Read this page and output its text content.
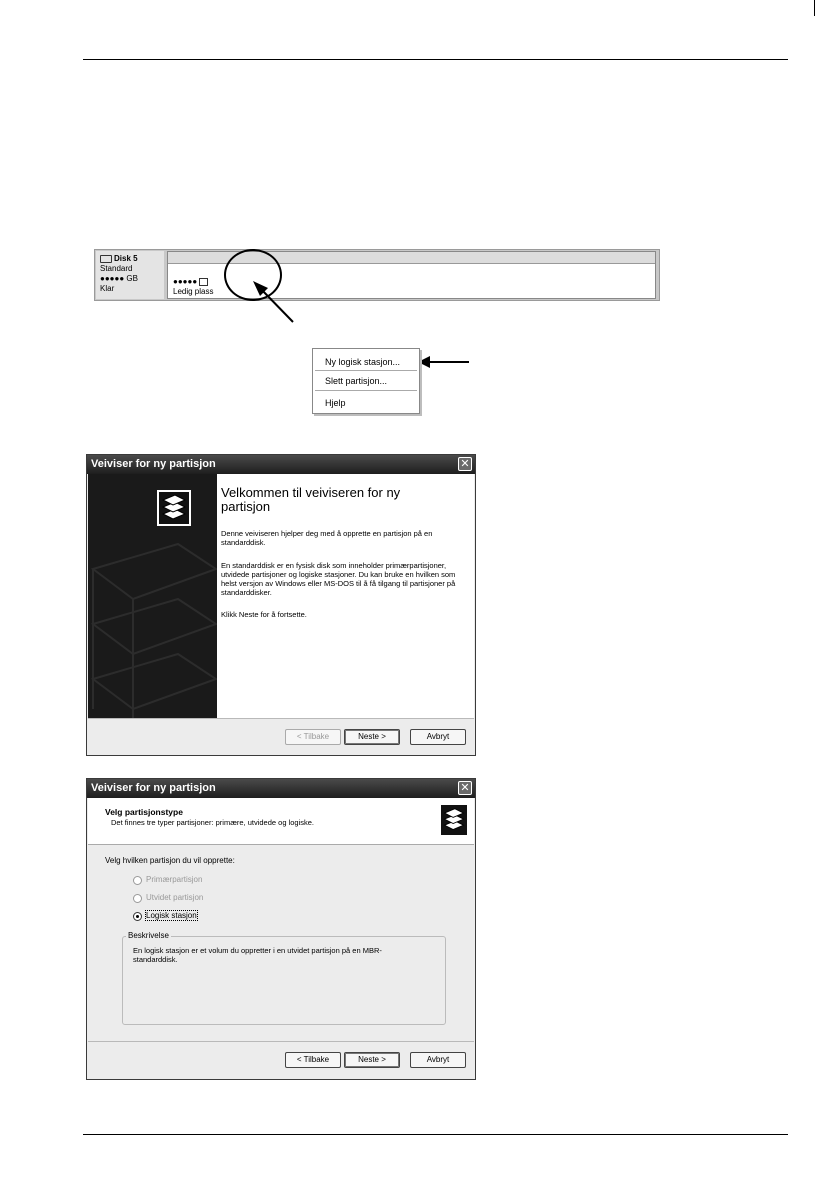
Disk 5
Standard
●●●●● GB
Klar
●●●●●
Ledig plass
Ny logisk stasjon...
Slett partisjon...
Hjelp
Veiviser for ny partisjon	✕
Velkommen til veiviseren for ny partisjon
Denne veiviseren hjelper deg med å opprette en partisjon på en standarddisk.
En standarddisk er en fysisk disk som inneholder primærpartisjoner, utvidede partisjoner og logiske stasjoner. Du kan bruke en hvilken som helst versjon av Windows eller MS-DOS til å få tilgang til partisjoner på standarddisker.
Klikk Neste for å fortsette.
< Tilbake	Neste >	Avbryt
Veiviser for ny partisjon	✕
Velg partisjonstype
Det finnes tre typer partisjoner: primære, utvidede og logiske.
Velg hvilken partisjon du vil opprette:
Primærpartisjon
Utvidet partisjon
Logisk stasjon
Beskrivelse
En logisk stasjon er et volum du oppretter i en utvidet partisjon på en MBR-standarddisk.
< Tilbake	Neste >	Avbryt
